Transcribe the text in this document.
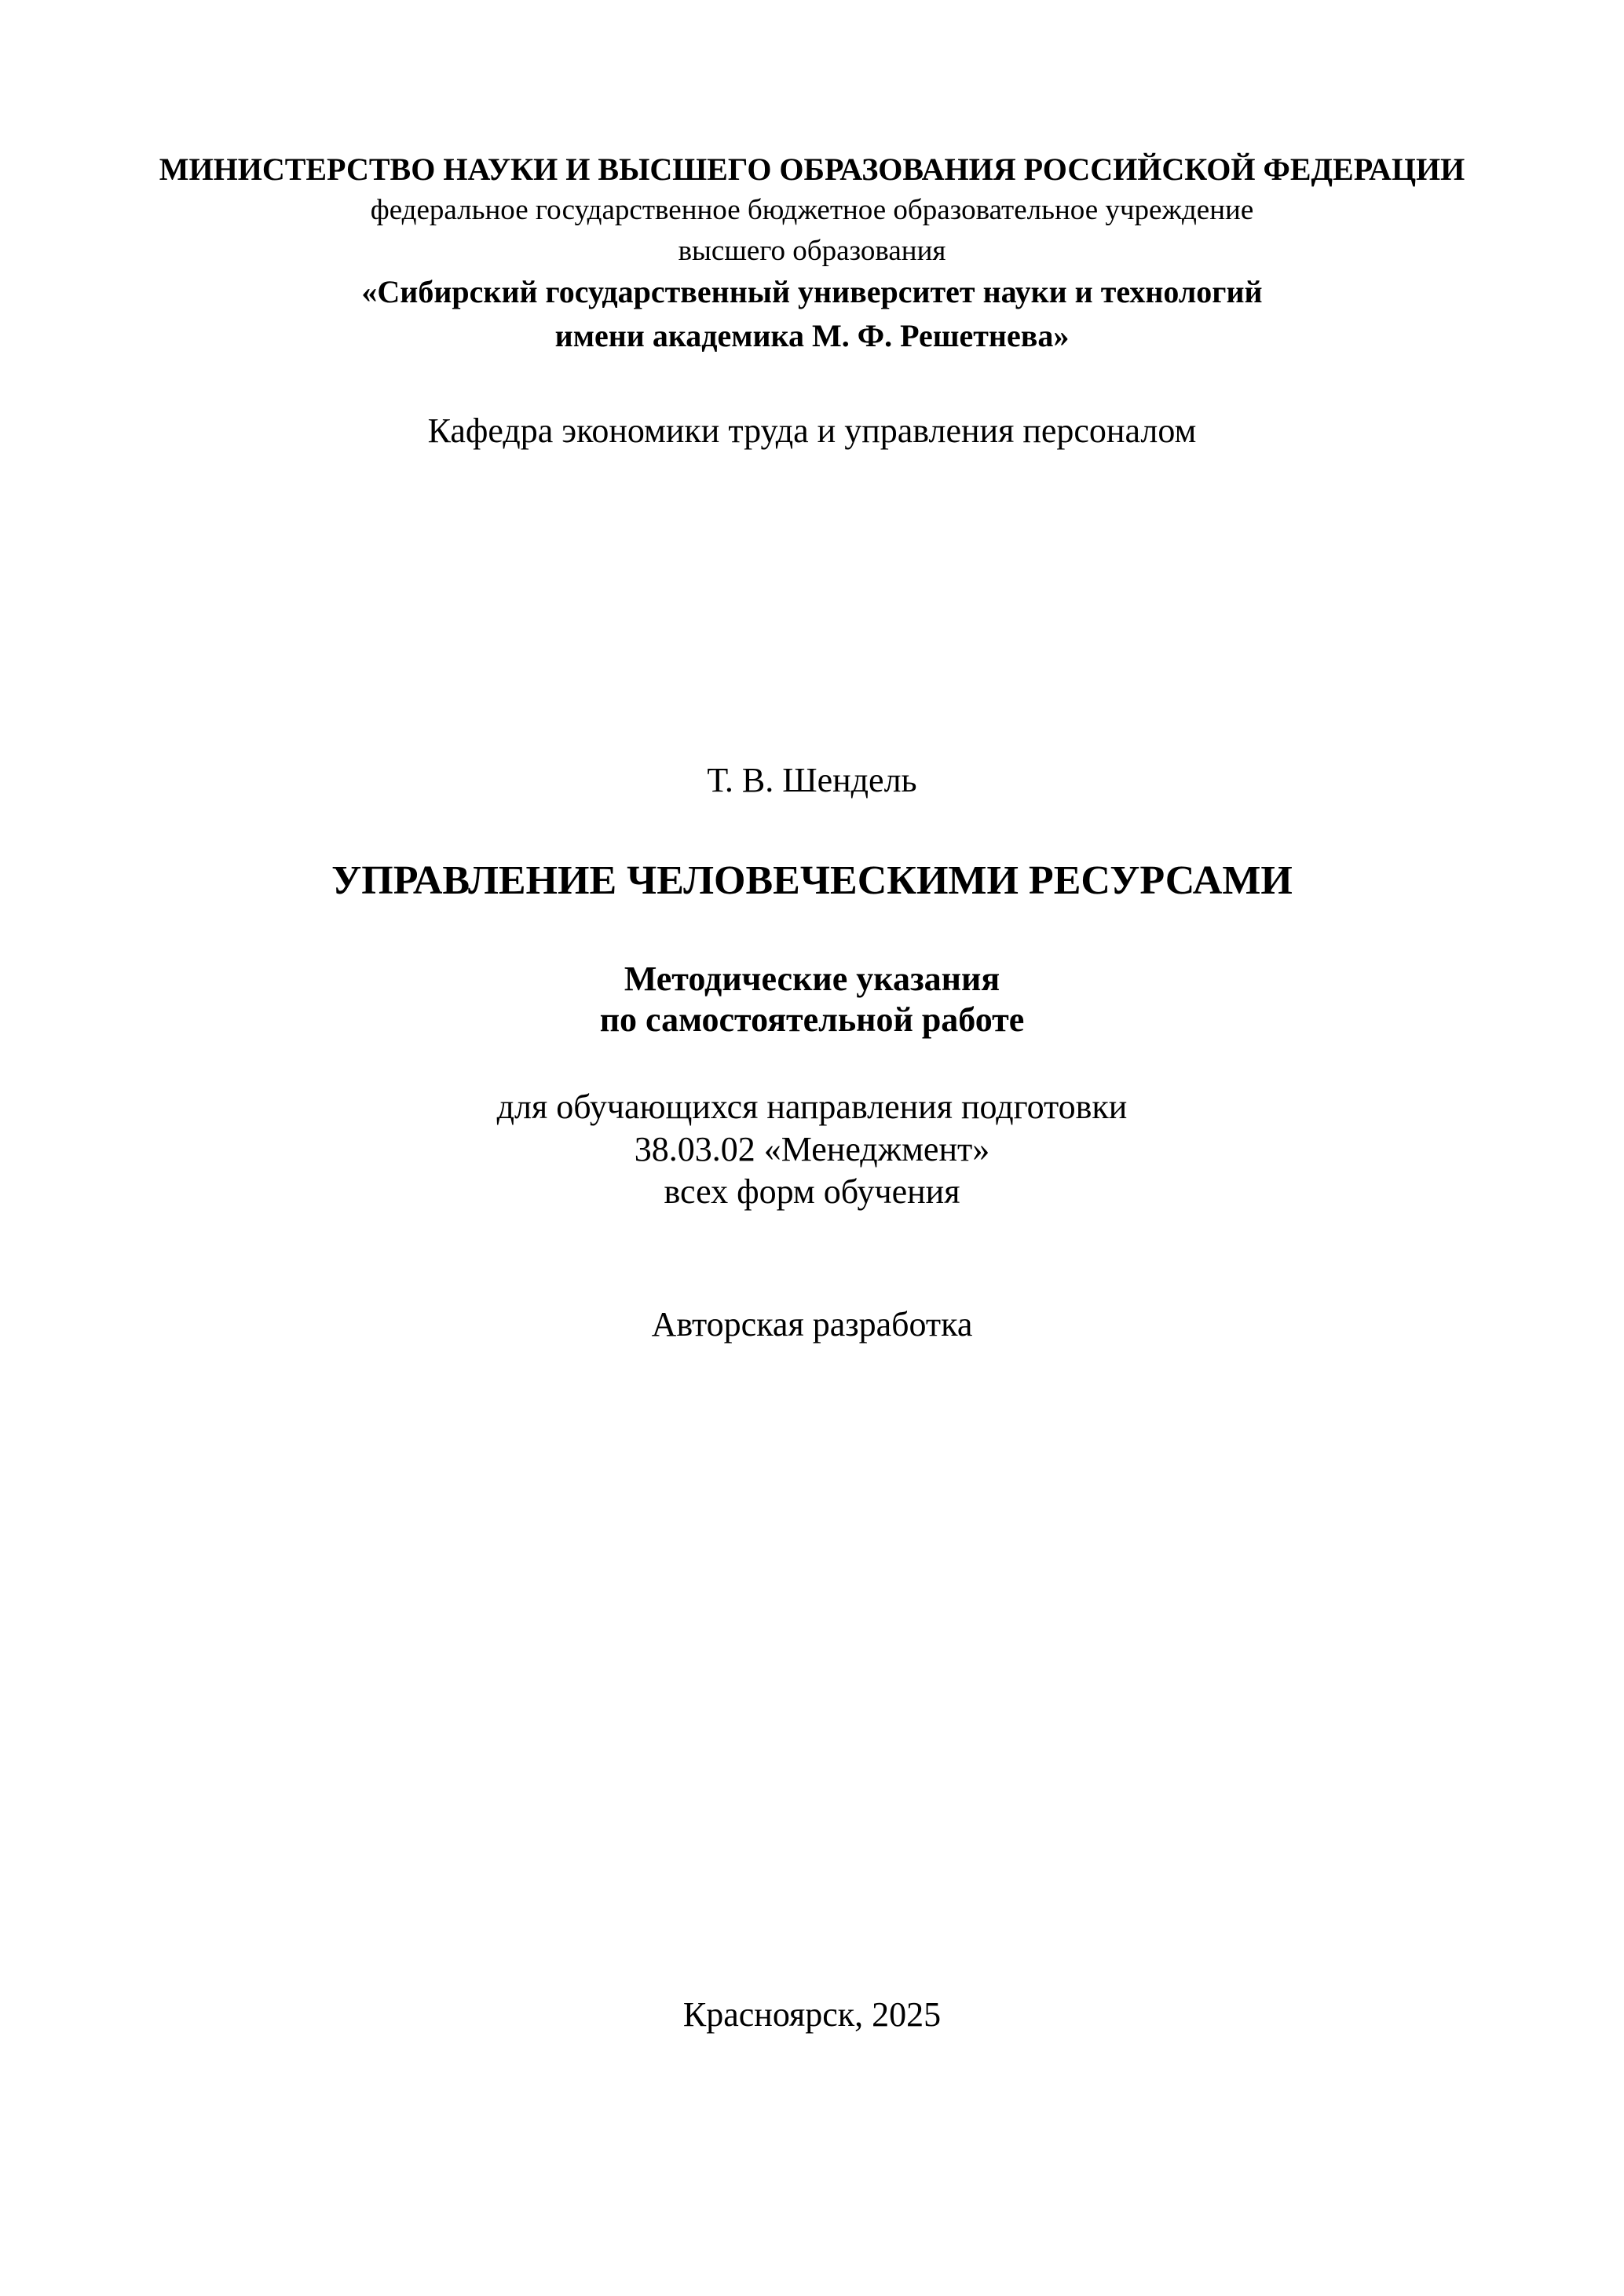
МИНИСТЕРСТВО НАУКИ И ВЫСШЕГО ОБРАЗОВАНИЯ РОССИЙСКОЙ ФЕДЕРАЦИИ
федеральное государственное бюджетное образовательное учреждение
высшего образования
«Сибирский государственный университет науки и технологий
имени академика М. Ф. Решетнева»
Кафедра экономики труда и управления персоналом
Т. В. Шендель
УПРАВЛЕНИЕ ЧЕЛОВЕЧЕСКИМИ РЕСУРСАМИ
Методические указания
по самостоятельной работе
для обучающихся направления подготовки
38.03.02 «Менеджмент»
всех форм обучения
Авторская разработка
Красноярск, 2025
